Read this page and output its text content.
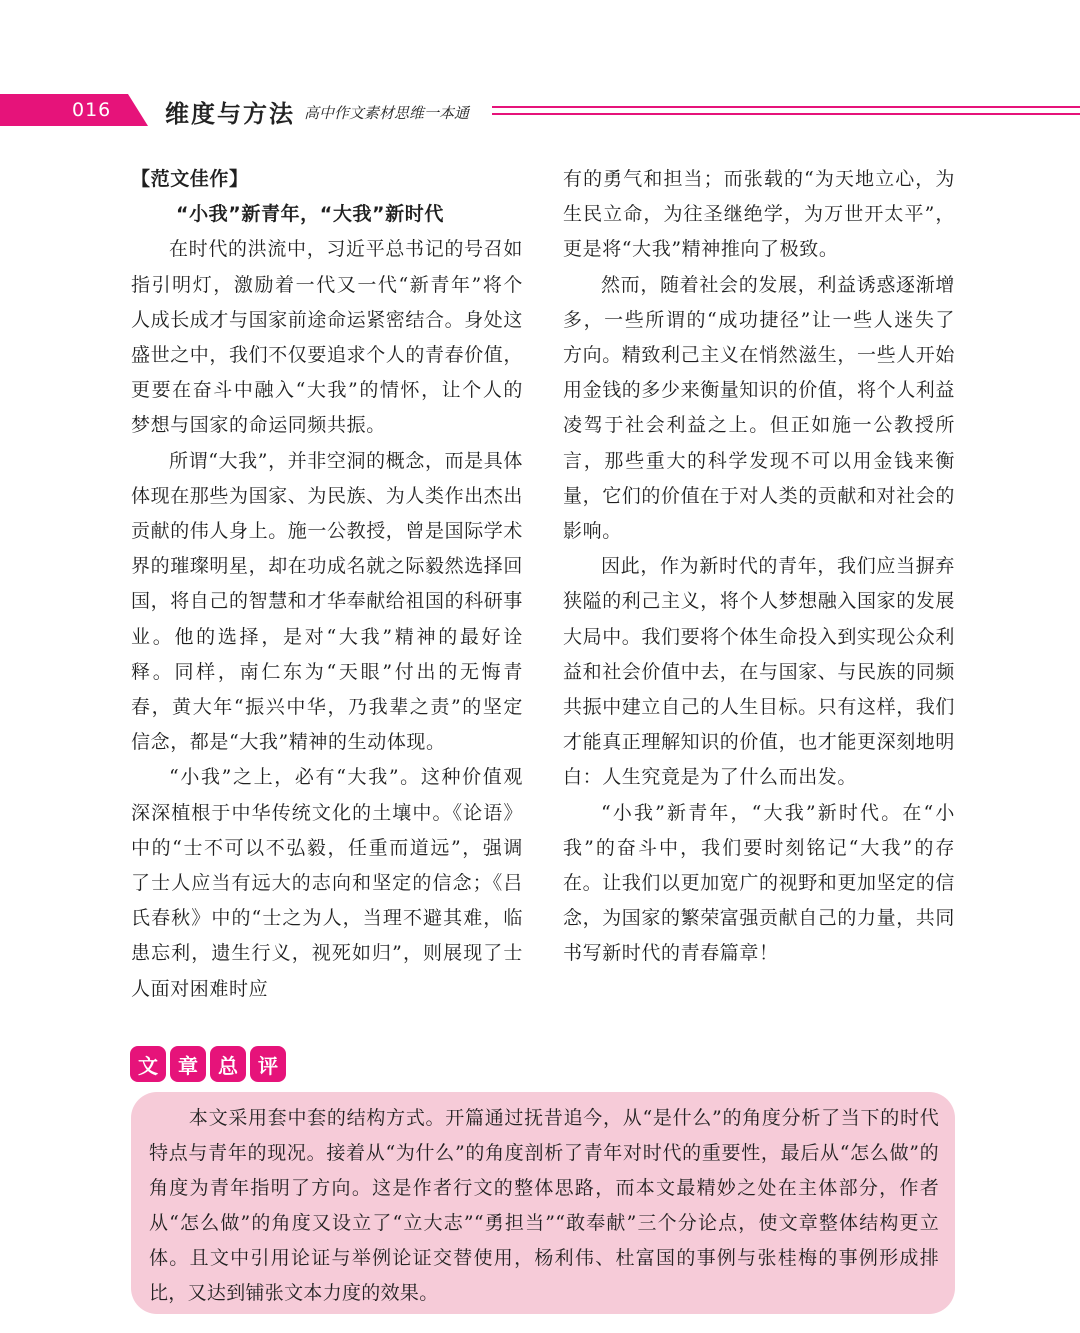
016 维度与方法 高中作文素材思维一本通

【范文佳作】

“小我”新青年，“大我”新时代

在时代的洪流中，习近平总书记的号召如指引明灯，激励着一代又一代“新青年”将个人成长成才与国家前途命运紧密结合。身处这盛世之中，我们不仅要追求个人的青春价值，更要在奋斗中融入“大我”的情怀，让个人的梦想与国家的命运同频共振。

所谓“大我”，并非空洞的概念，而是具体体现在那些为国家、为民族、为人类作出杰出贡献的伟人身上。施一公教授，曾是国际学术界的璀璨明星，却在功成名就之际毅然选择回国，将自己的智慧和才华奉献给祖国的科研事业。他的选择，是对“大我”精神的最好诠释。同样，南仁东为“天眼”付出的无悔青春，黄大年“振兴中华，乃我辈之责”的坚定信念，都是“大我”精神的生动体现。

“小我”之上，必有“大我”。这种价值观深深植根于中华传统文化的土壤中。《论语》中的“士不可以不弘毅，任重而道远”，强调了士人应当有远大的志向和坚定的信念；《吕氏春秋》中的“士之为人，当理不避其难，临患忘利，遗生行义，视死如归”，则展现了士人面对困难时应

有的勇气和担当；而张载的“为天地立心，为生民立命，为往圣继绝学，为万世开太平”，更是将“大我”精神推向了极致。

然而，随着社会的发展，利益诱惑逐渐增多，一些所谓的“成功捷径”让一些人迷失了方向。精致利己主义在悄然滋生，一些人开始用金钱的多少来衡量知识的价值，将个人利益凌驾于社会利益之上。但正如施一公教授所言，那些重大的科学发现不可以用金钱来衡量，它们的价值在于对人类的贡献和对社会的影响。

因此，作为新时代的青年，我们应当摒弃狭隘的利己主义，将个人梦想融入国家的发展大局中。我们要将个体生命投入到实现公众利益和社会价值中去，在与国家、与民族的同频共振中建立自己的人生目标。只有这样，我们才能真正理解知识的价值，也才能更深刻地明白：人生究竟是为了什么而出发。

“小我”新青年，“大我”新时代。在“小我”的奋斗中，我们要时刻铭记“大我”的存在。让我们以更加宽广的视野和更加坚定的信念，为国家的繁荣富强贡献自己的力量，共同书写新时代的青春篇章！

文	章	总	评

本文采用套中套的结构方式。开篇通过抚昔追今，从“是什么”的角度分析了当下的时代特点与青年的现况。接着从“为什么”的角度剖析了青年对时代的重要性，最后从“怎么做”的角度为青年指明了方向。这是作者行文的整体思路，而本文最精妙之处在主体部分，作者从“怎么做”的角度又设立了“立大志”“勇担当”“敢奉献”三个分论点，使文章整体结构更立体。且文中引用论证与举例论证交替使用，杨利伟、杜富国的事例与张桂梅的事例形成排比，又达到铺张文本力度的效果。
